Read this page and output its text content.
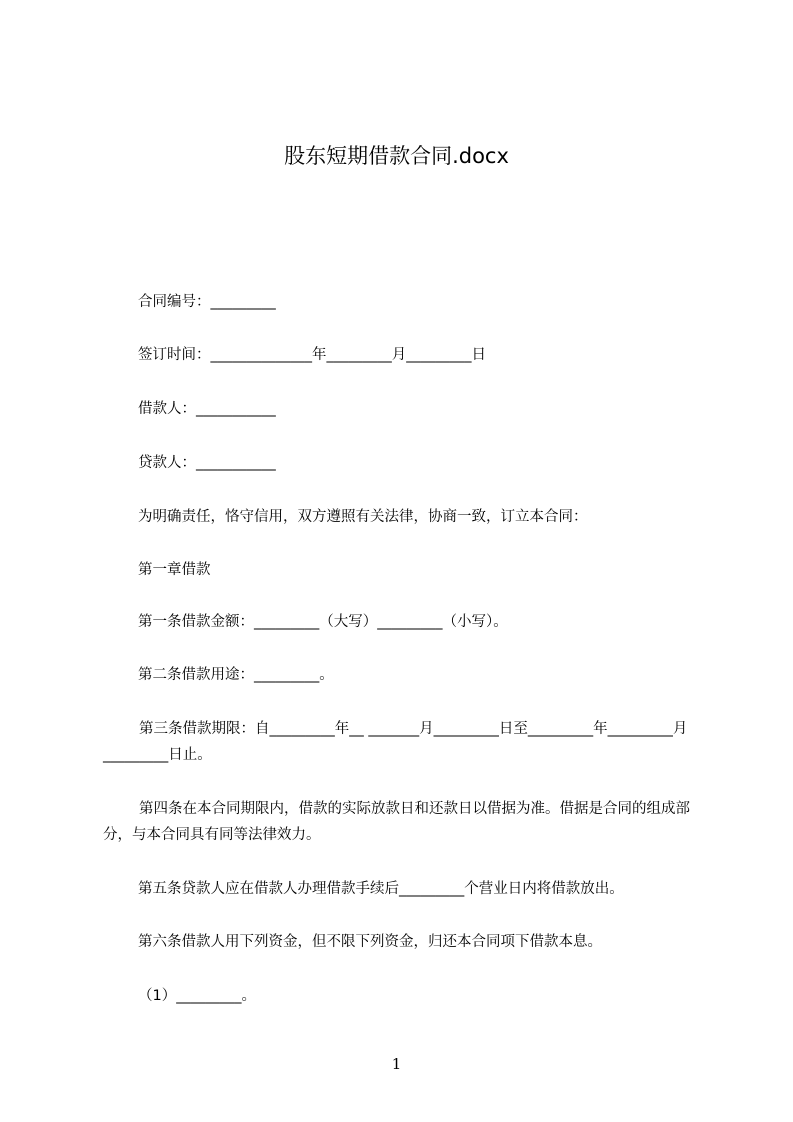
股东短期借款合同.docx
合同编号：_________
签订时间：______________年_________月_________日
借款人：___________
贷款人：___________
为明确责任，恪守信用，双方遵照有关法律，协商一致，订立本合同：
第一章借款
第一条借款金额：_________（大写）_________（小写）。
第二条借款用途：_________。
第三条借款期限：自_________年__ _______月_________日至_________年_________月_________日止。
第四条在本合同期限内，借款的实际放款日和还款日以借据为准。借据是合同的组成部分，与本合同具有同等法律效力。
第五条贷款人应在借款人办理借款手续后_________个营业日内将借款放出。
第六条借款人用下列资金，但不限下列资金，归还本合同项下借款本息。
（1）_________。
1
